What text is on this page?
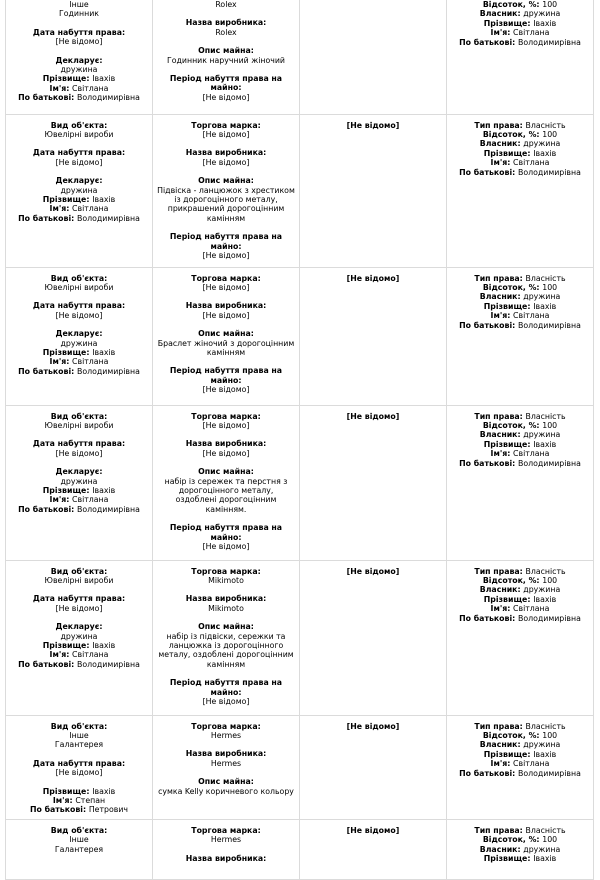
Інше
Годинник
Дата набуття права:
[Не відомо]
Декларує:
дружина
Прізвище: Івахів
Ім'я: Світлана
По батькові: Володимирівна

Rolex
Назва виробника:
Rolex
Опис майна:
Годинник наручний жіночий
Період набуття права на
майно:
[Не відомо]

Відсоток, %: 100
Власник: дружина
Прізвище: Івахів
Ім'я: Світлана
По батькові: Володимирівна

Вид об'єкта:
Ювелірні вироби
Дата набуття права:
[Не відомо]
Декларує:
дружина
Прізвище: Івахів
Ім'я: Світлана
По батькові: Володимирівна

Торгова марка:
[Не відомо]
Назва виробника:
[Не відомо]
Опис майна:
Підвіска - ланцюжок з хрестиком
із дорогоцінного металу,
прикрашений дорогоцінним
камінням
Період набуття права на
майно:
[Не відомо]

[Не відомо]	Тип права: Власність
Відсоток, %: 100
Власник: дружина
Прізвище: Івахів
Ім'я: Світлана
По батькові: Володимирівна

Вид об'єкта:
Ювелірні вироби
Дата набуття права:
[Не відомо]
Декларує:
дружина
Прізвище: Івахів
Ім'я: Світлана
По батькові: Володимирівна

Торгова марка:
[Не відомо]
Назва виробника:
[Не відомо]
Опис майна:
Браслет жіночий з дорогоцінним
камінням
Період набуття права на
майно:
[Не відомо]

[Не відомо]	Тип права: Власність
Відсоток, %: 100
Власник: дружина
Прізвище: Івахів
Ім'я: Світлана
По батькові: Володимирівна

Вид об'єкта:
Ювелірні вироби
Дата набуття права:
[Не відомо]
Декларує:
дружина
Прізвище: Івахів
Ім'я: Світлана
По батькові: Володимирівна

Торгова марка:
[Не відомо]
Назва виробника:
[Не відомо]
Опис майна:
набір із сережек та перстня з
дорогоцінного металу,
оздоблені дорогоцінним
камінням.
Період набуття права на
майно:
[Не відомо]

[Не відомо]	Тип права: Власність
Відсоток, %: 100
Власник: дружина
Прізвище: Івахів
Ім'я: Світлана
По батькові: Володимирівна

Вид об'єкта:
Ювелірні вироби
Дата набуття права:
[Не відомо]
Декларує:
дружина
Прізвище: Івахів
Ім'я: Світлана
По батькові: Володимирівна

Торгова марка:
Mikimoto
Назва виробника:
Mikimoto
Опис майна:
набір із підвіски, сережки та
ланцюжка із дорогоцінного
металу, оздоблені дорогоцінним
камінням
Період набуття права на
майно:
[Не відомо]

[Не відомо]	Тип права: Власність
Відсоток, %: 100
Власник: дружина
Прізвище: Івахів
Ім'я: Світлана
По батькові: Володимирівна

Вид об'єкта:
Інше
Галантерея
Дата набуття права:
[Не відомо]
Прізвище: Івахів
Ім'я: Степан
По батькові: Петрович

Торгова марка:
Hermes
Назва виробника:
Hermes
Опис майна:
сумка Kelly коричневого кольору

[Не відомо]	Тип права: Власність
Відсоток, %: 100
Власник: дружина
Прізвище: Івахів
Ім'я: Світлана
По батькові: Володимирівна

Вид об'єкта:
Інше
Галантерея

Торгова марка:
Hermes
Назва виробника:

[Не відомо]	Тип права: Власність
Відсоток, %: 100
Власник: дружина
Прізвище: Івахів
